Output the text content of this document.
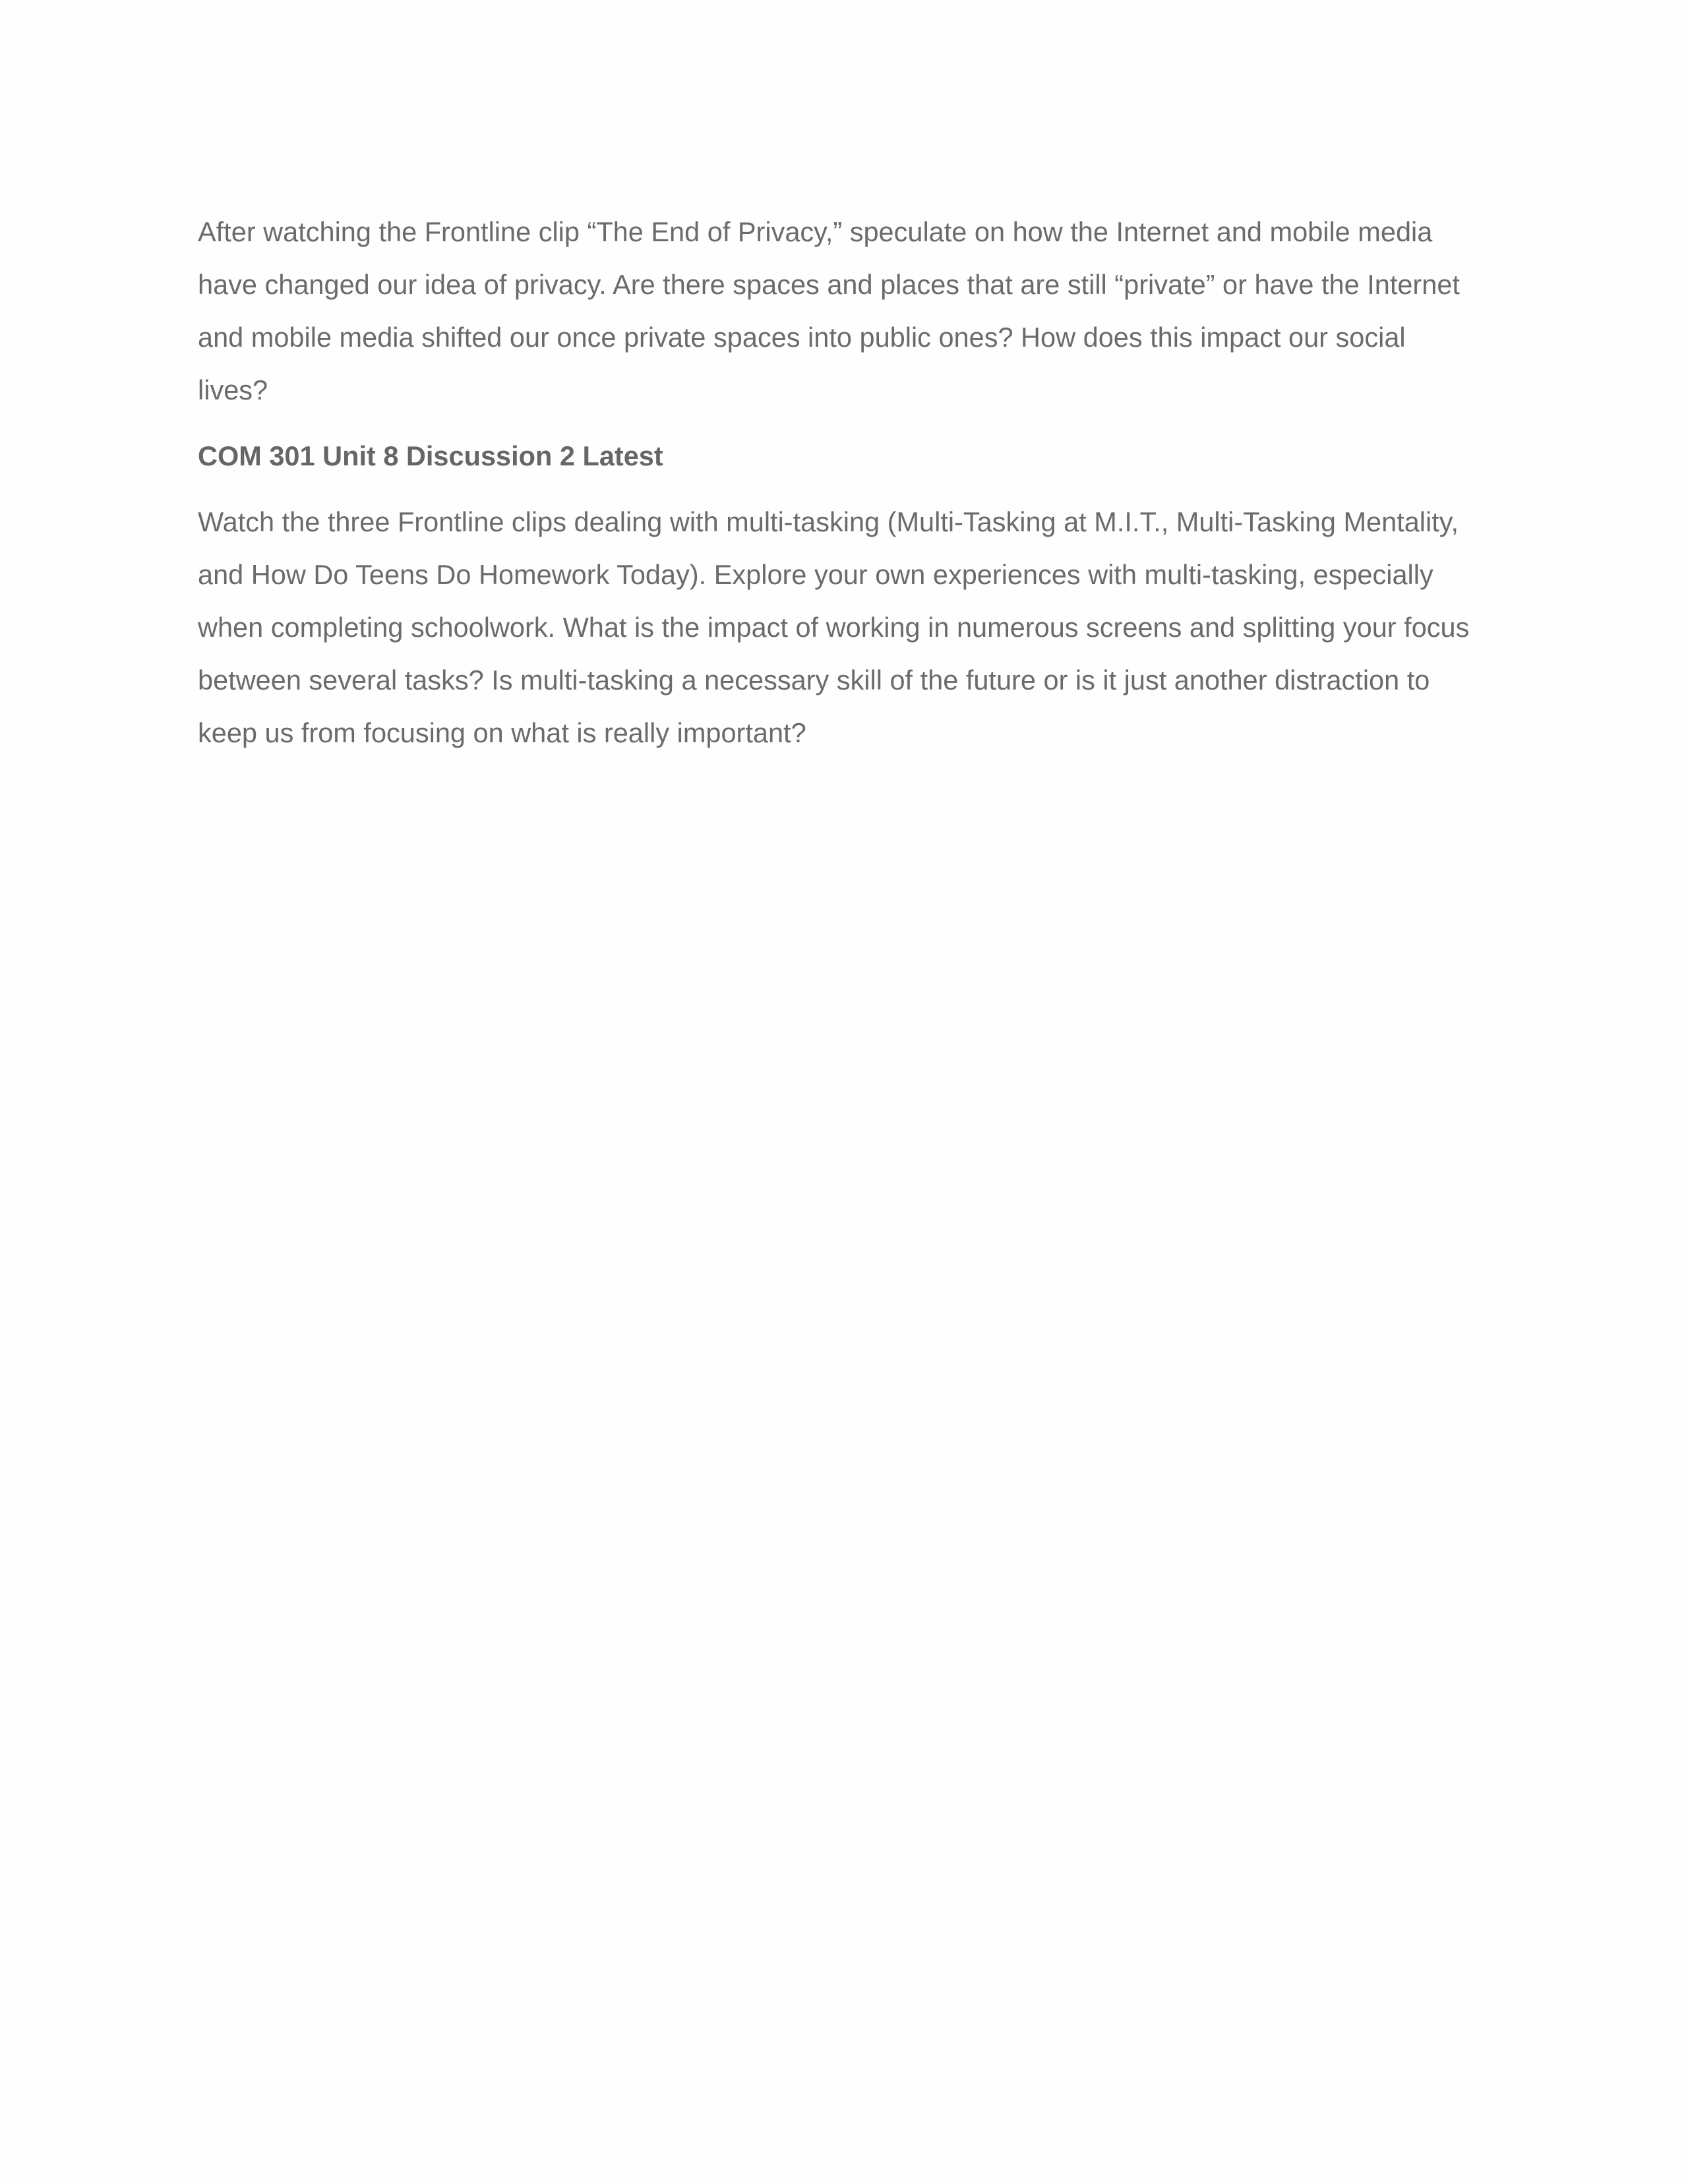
After watching the Frontline clip “The End of Privacy,” speculate on how the Internet and mobile media
have changed our idea of privacy. Are there spaces and places that are still “private” or have the Internet
and mobile media shifted our once private spaces into public ones? How does this impact our social
lives?

COM 301 Unit 8 Discussion 2 Latest

Watch the three Frontline clips dealing with multi-tasking (Multi-Tasking at M.I.T., Multi-Tasking Mentality,
and How Do Teens Do Homework Today). Explore your own experiences with multi-tasking, especially
when completing schoolwork. What is the impact of working in numerous screens and splitting your focus
between several tasks? Is multi-tasking a necessary skill of the future or is it just another distraction to
keep us from focusing on what is really important?
